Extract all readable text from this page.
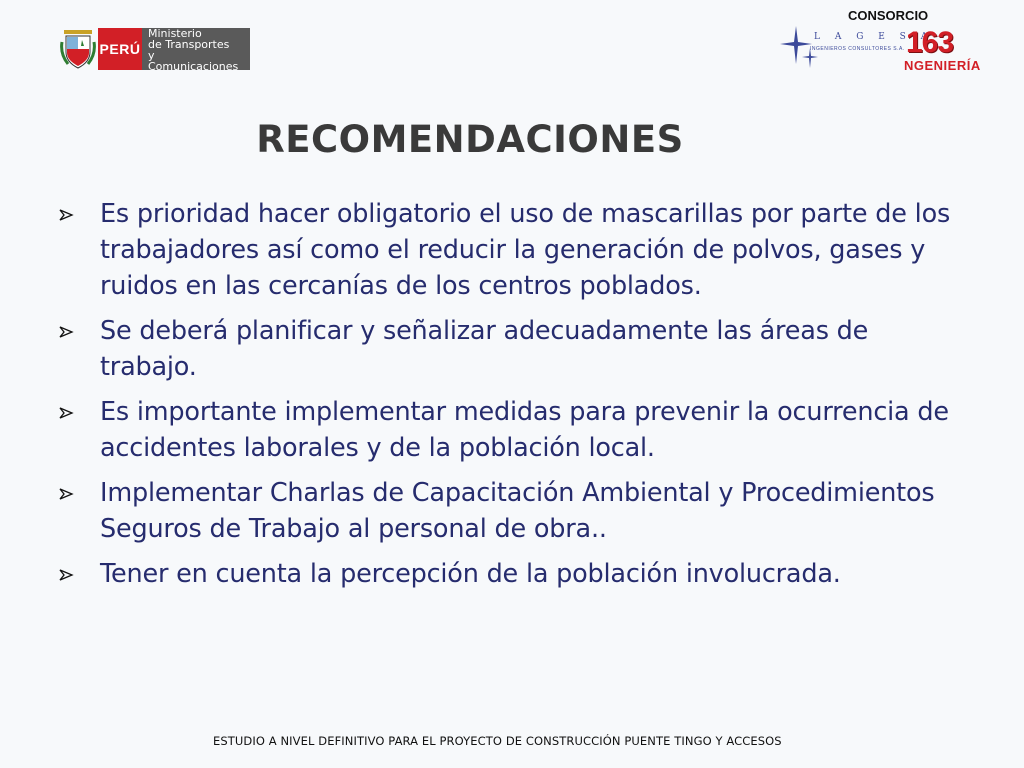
PERÚ
Ministerio
de Transportes
y Comunicaciones
CONSORCIO
L A G E S A
INGENIEROS CONSULTORES S.A. 163
NGENIERÍA
RECOMENDACIONES
Es prioridad hacer obligatorio el uso de mascarillas por parte de los trabajadores así como el reducir la generación de polvos, gases y ruidos en las cercanías de los centros poblados.
Se deberá planificar y señalizar adecuadamente las áreas de trabajo.
Es importante implementar medidas para prevenir la ocurrencia de accidentes laborales y de la población local.
Implementar Charlas de Capacitación Ambiental y Procedimientos Seguros de Trabajo al personal de obra..
Tener en cuenta la percepción de la población involucrada.
ESTUDIO A NIVEL DEFINITIVO PARA EL PROYECTO DE CONSTRUCCIÓN PUENTE TINGO Y ACCESOS
